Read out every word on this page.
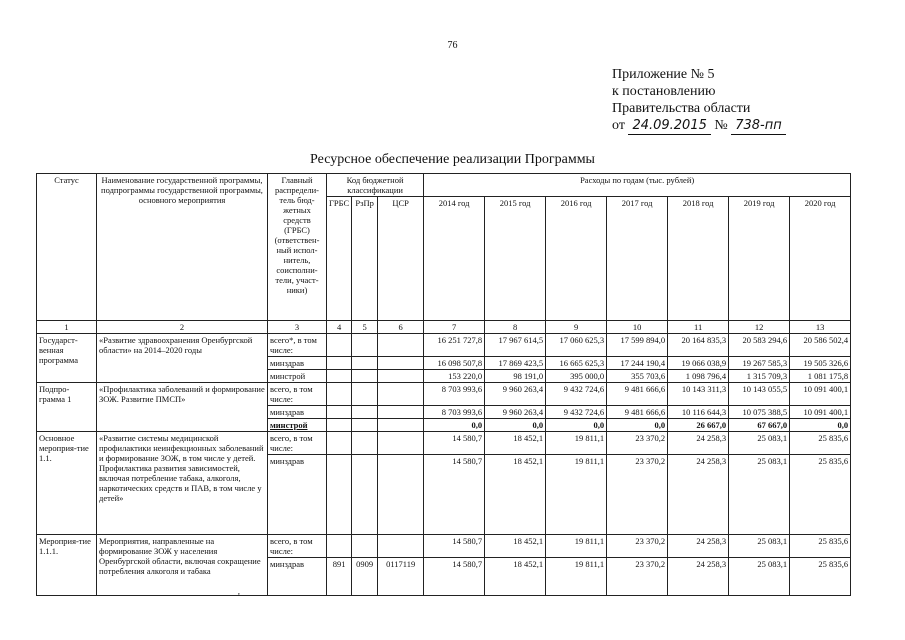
76
Приложение № 5
к постановлению
Правительства области
от 24.09.2015 № 738-пп
Ресурсное обеспечение реализации Программы
Статус	Наименование государственной программы, подпрограммы государственной программы, основного мероприятия	Главный распредели-тель бюд-жетных средств (ГРБС) (ответствен-ный испол-нитель, соисполни-тели, участ-ники)	Код бюджетной классификации			Расходы по годам (тыс. рублей)						
			ГРБС	РзПр	ЦСР	2014 год	2015 год	2016 год	2017 год	2018 год	2019 год	2020 год
1	2	3	4	5	6	7	8	9	10	11	12	13
Государст-венная программа	«Развитие здравоохранения Оренбургской области» на 2014–2020 годы	всего*, в том числе:				16 251 727,8	17 967 614,5	17 060 625,3	17 599 894,0	20 164 835,3	20 583 294,6	20 586 502,4
		минздрав				16 098 507,8	17 869 423,5	16 665 625,3	17 244 190,4	19 066 038,9	19 267 585,3	19 505 326,6
		минстрой				153 220,0	98 191,0	395 000,0	355 703,6	1 098 796,4	1 315 709,3	1 081 175,8
Подпро-грамма 1	«Профилактика заболеваний и формирование ЗОЖ. Развитие ПМСП»	всего, в том числе:				8 703 993,6	9 960 263,4	9 432 724,6	9 481 666,6	10 143 311,3	10 143 055,5	10 091 400,1
		минздрав				8 703 993,6	9 960 263,4	9 432 724,6	9 481 666,6	10 116 644,3	10 075 388,5	10 091 400,1
		минстрой				0,0	0,0	0,0	0,0	26 667,0	67 667,0	0,0
Основное мероприя-тие 1.1.	«Развитие системы медицинской профилактики неинфекционных заболеваний и формирование ЗОЖ, в том числе у детей. Профилактика развития зависимостей, включая потребление табака, алкоголя, наркотических средств и ПАВ, в том числе у детей»	всего, в том числе:				14 580,7	18 452,1	19 811,1	23 370,2	24 258,3	25 083,1	25 835,6
		минздрав				14 580,7	18 452,1	19 811,1	23 370,2	24 258,3	25 083,1	25 835,6
Мероприя-тие 1.1.1.	Мероприятия, направленные на формирование ЗОЖ у населения Оренбургской области, включая сокращение потребления алкоголя и табака	всего, в том числе:				14 580,7	18 452,1	19 811,1	23 370,2	24 258,3	25 083,1	25 835,6
		минздрав	891	0909	0117119	14 580,7	18 452,1	19 811,1	23 370,2	24 258,3	25 083,1	25 835,6
'
